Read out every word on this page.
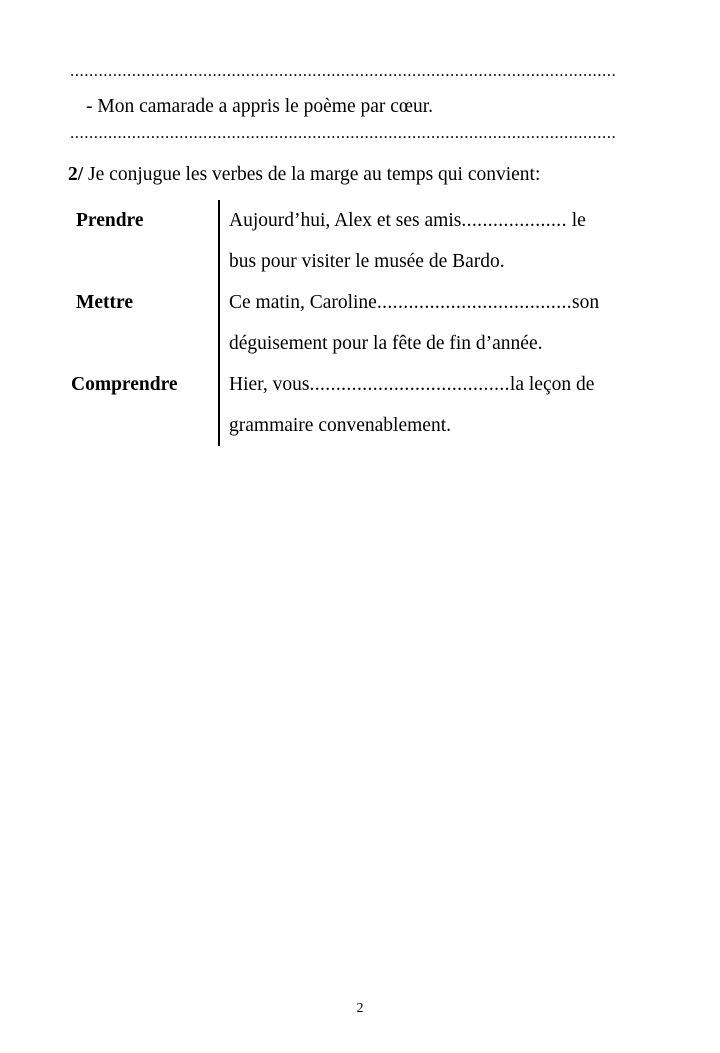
...................................................................................................................
- Mon camarade a appris le poème par cœur.
...................................................................................................................
2/ Je conjugue les verbes de la marge au temps qui convient:
Prendre		Aujourd’hui, Alex et ses amis.................... le
bus pour visiter le musée de Bardo.

Mettre		Ce matin, Caroline.....................................son
déguisement pour la fête de fin d’année.

Comprendre		Hier, vous......................................la leçon de
grammaire convenablement.
2
